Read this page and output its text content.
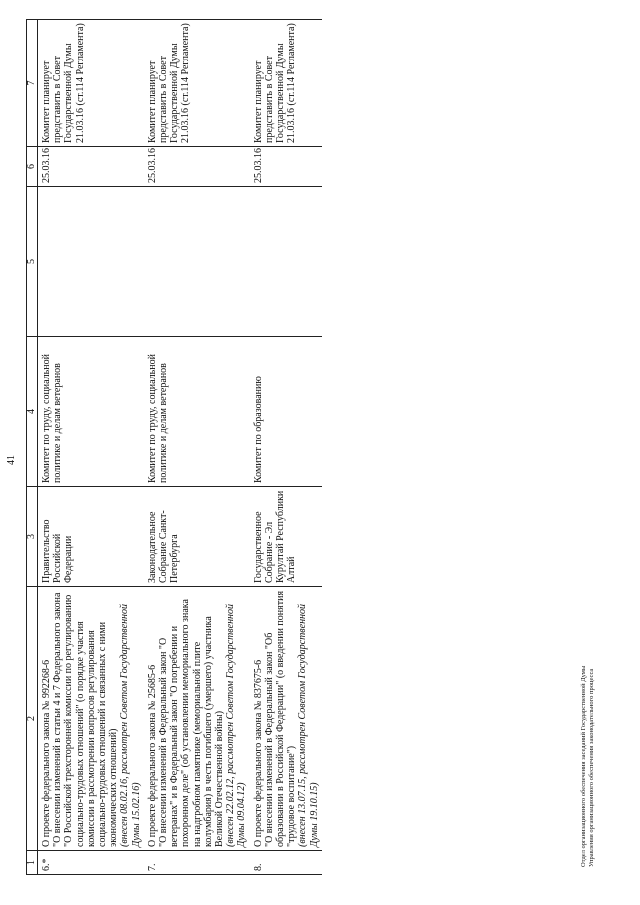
41
1	2	3	4	5	6	7
6.*	О проекте федерального закона № 992268-6 "О внесении изменений в статьи 4 и 7 Федерального закона "О Российской трехсторонней комиссии по регулированию социально-трудовых отношений" (о порядке участия комиссии в рассмотрении вопросов регулирования социально-трудовых отношений и связанных с ними экономических отношений) (внесен 08.02.16, рассмотрен Советом Государственной Думы 15.02.16)	Правительство Российской Федерации	Комитет по труду, социальной политике и делам ветеранов		25.03.16	Комитет планирует представить в Совет Государственной Думы 21.03.16 (ст.114 Регламента)
7.	О проекте федерального закона № 25685-6 "О внесении изменений в Федеральный закон "О ветеранах" и в Федеральный закон "О погребении и похоронном деле" (об установлении мемориального знака на надгробном памятнике (мемориальной плите колумбария) в честь погибшего (умершего) участника Великой Отечественной войны) (внесен 22.02.12, рассмотрен Советом Государственной Думы 09.04.12)	Законодательное Собрание Санкт-Петербурга	Комитет по труду, социальной политике и делам ветеранов		25.03.16	Комитет планирует представить в Совет Государственной Думы 21.03.16 (ст.114 Регламента)
8.	О проекте федерального закона № 837675-6 "О внесении изменений в Федеральный закон "Об образовании в Российской Федерации" (о введении понятия "трудовое воспитание") (внесен 13.07.15, рассмотрен Советом Государственной Думы 19.10.15)	Государственное Собрание - Эл Курултай Республики Алтай	Комитет по образованию		25.03.16	Комитет планирует представить в Совет Государственной Думы 21.03.16 (ст.114 Регламента)
Отдел организационного обеспечения заседаний Государственной Думы Управления организационного обеспечения законодательного процесса
